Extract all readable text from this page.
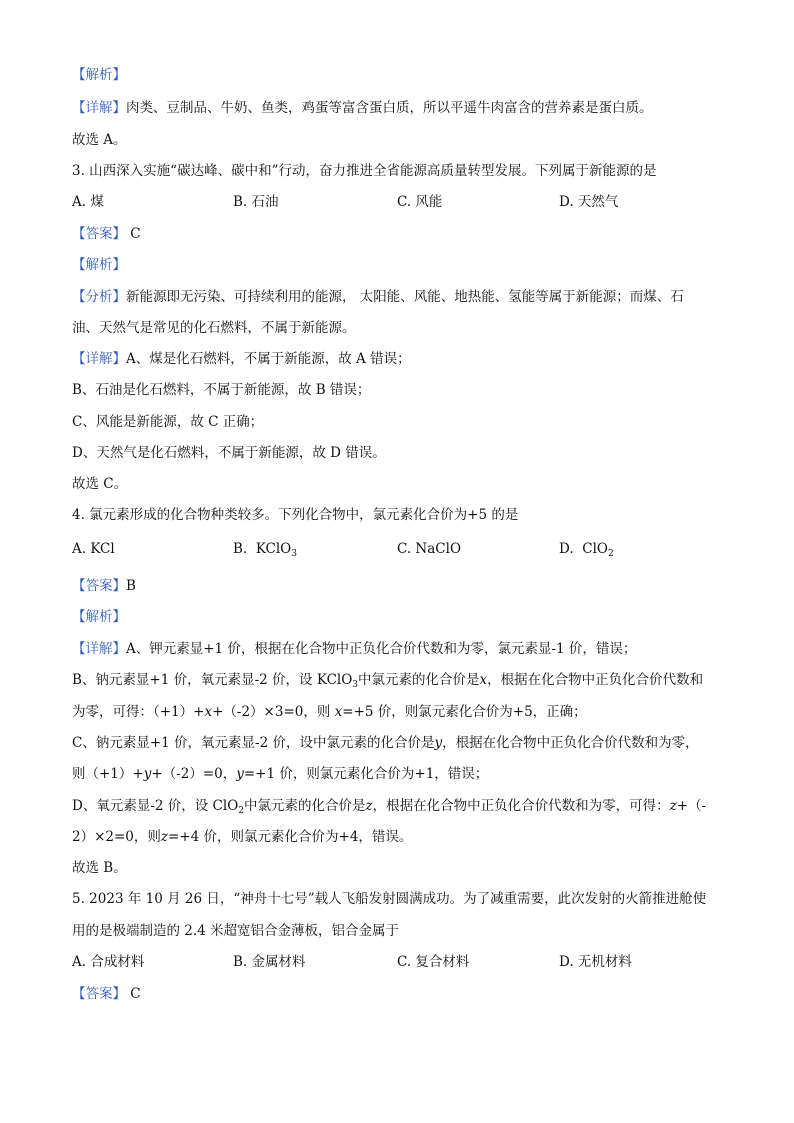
【解析】
【详解】肉类、豆制品、牛奶、鱼类，鸡蛋等富含蛋白质，所以平遥牛肉富含的营养素是蛋白质。
故选 A。
3. 山西深入实施“碳达峰、碳中和”行动，奋力推进全省能源高质量转型发展。下列属于新能源的是
A. 煤	B. 石油	C. 风能	D. 天然气
【答案】 C
【解析】
【分析】新能源即无污染、可持续利用的能源， 太阳能、风能、地热能、氢能等属于新能源；而煤、石
油、天然气是常见的化石燃料，不属于新能源。
【详解】A、煤是化石燃料，不属于新能源，故 A 错误；
B、石油是化石燃料，不属于新能源，故 B 错误；
C、风能是新能源，故 C 正确；
D、天然气是化石燃料，不属于新能源，故 D 错误。
故选 C。
4. 氯元素形成的化合物种类较多。下列化合物中，氯元素化合价为+5 的是
A. KCl	B. KClO$_3$	C. NaClO	D. ClO$_2$
【答案】B
【解析】
【详解】A、钾元素显+1 价，根据在化合物中正负化合价代数和为零，氯元素显-1 价，错误；
B、钠元素显+1 价，氧元素显-2 价，设 KClO$_3$中氯元素的化合价是x，根据在化合物中正负化合价代数和
为零，可得：（+1）+x+（-2）×3=0，则 x=+5 价，则氯元素化合价为+5，正确；
C、钠元素显+1 价，氧元素显-2 价，设中氯元素的化合价是y，根据在化合物中正负化合价代数和为零，
则（+1）+y+（-2）=0，y=+1 价，则氯元素化合价为+1，错误；
D、氧元素显-2 价，设 ClO$_2$中氯元素的化合价是z，根据在化合物中正负化合价代数和为零，可得：z+（-
2）×2=0，则z=+4 价，则氯元素化合价为+4，错误。
故选 B。
5. 2023 年 10 月 26 日，“神舟十七号”载人飞船发射圆满成功。为了减重需要，此次发射的火箭推进舱使
用的是极端制造的 2.4 米超宽铝合金薄板，铝合金属于
A. 合成材料	B. 金属材料	C. 复合材料	D. 无机材料
【答案】 C
